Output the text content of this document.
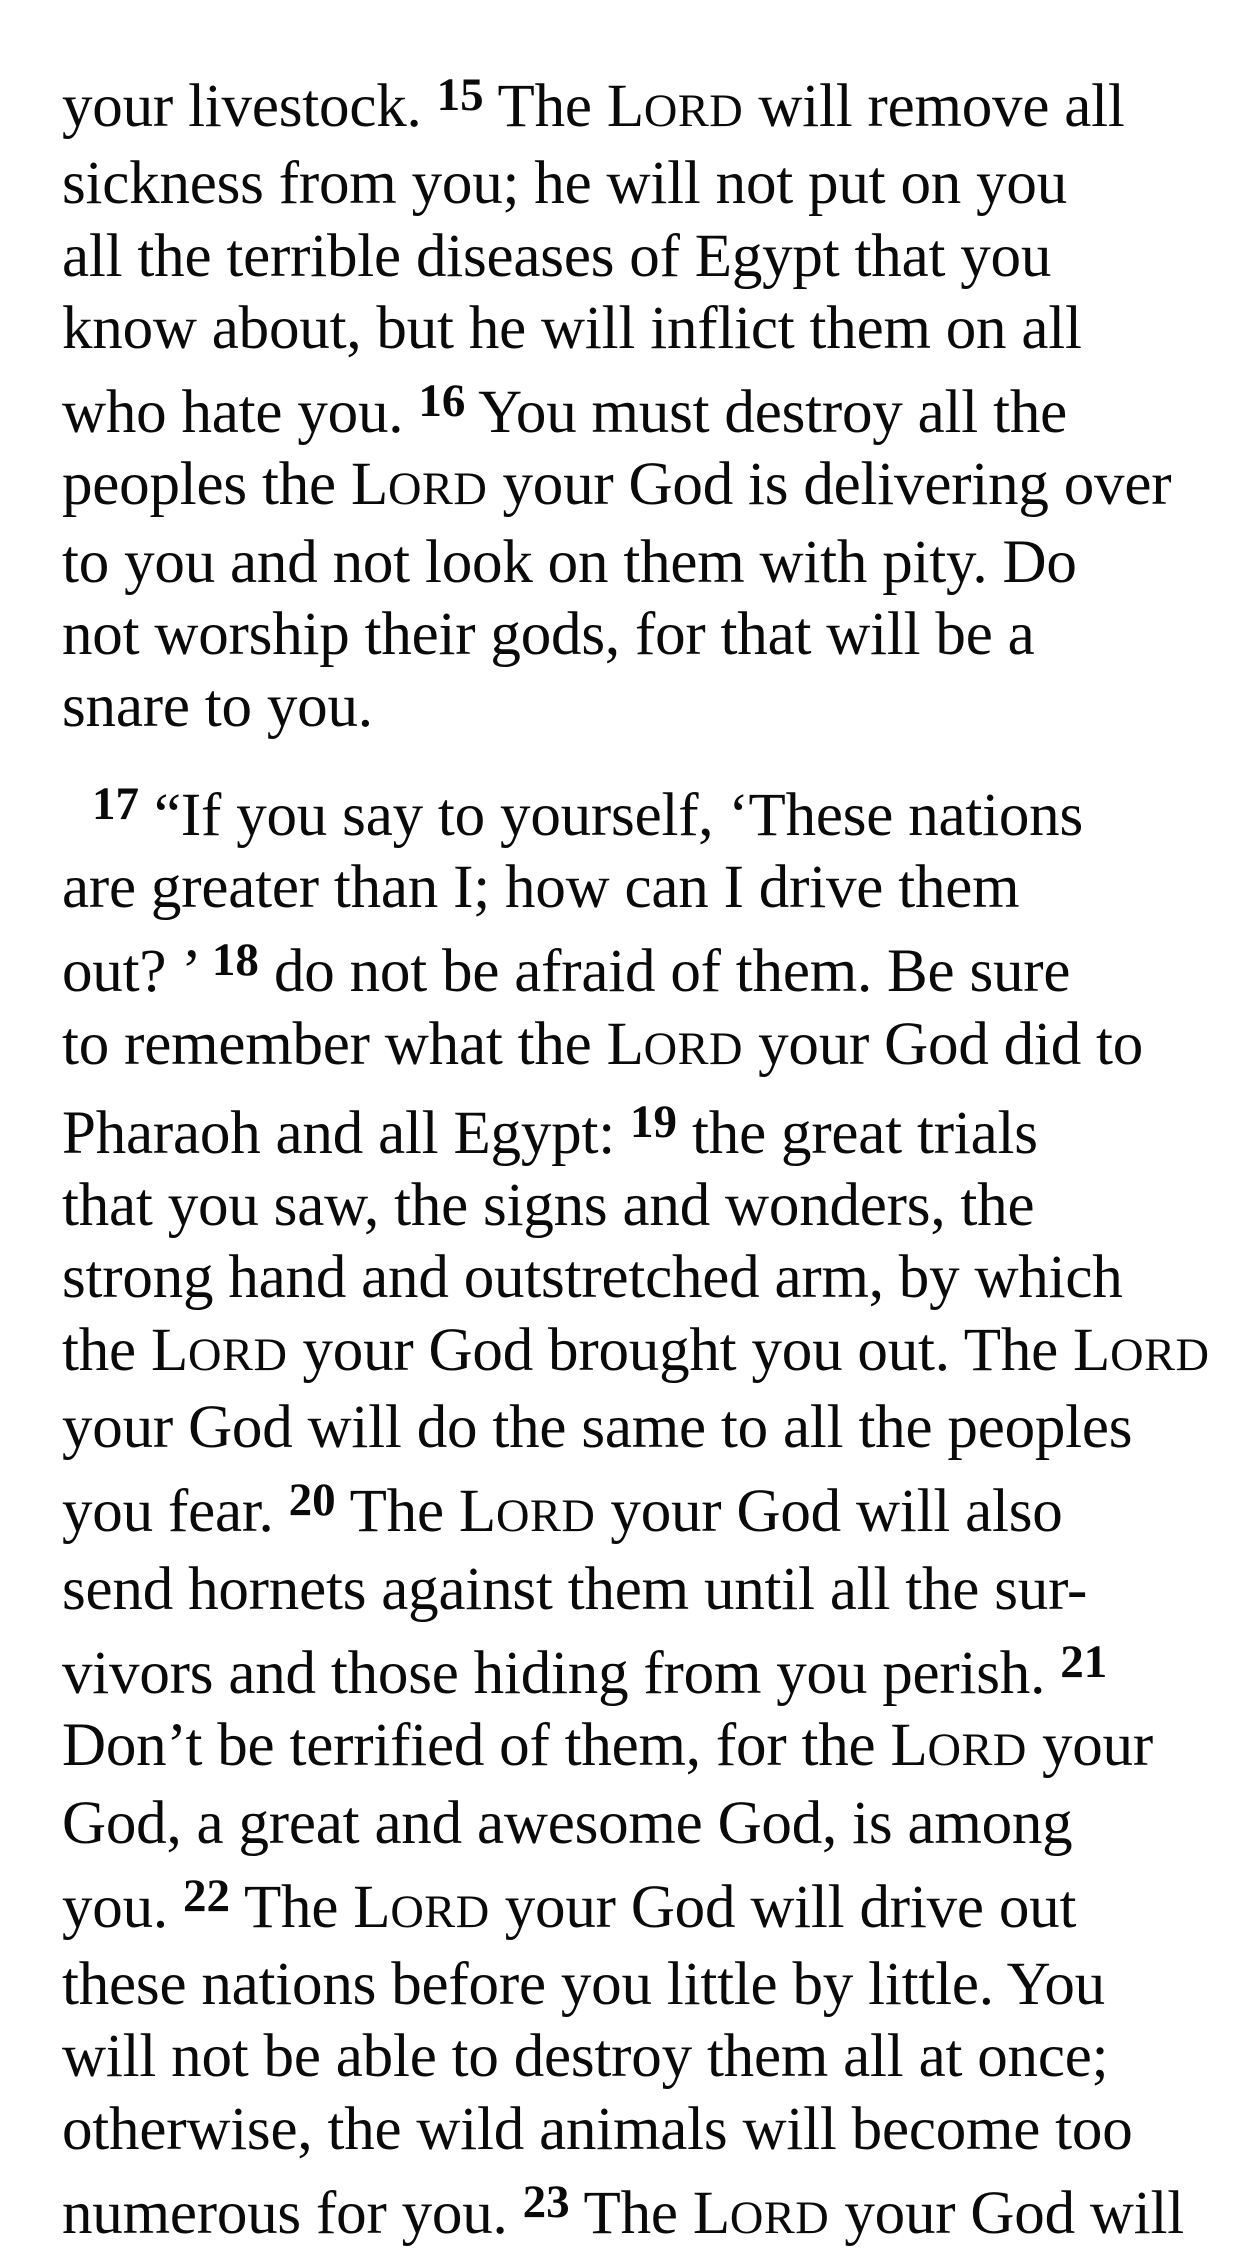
your livestock. $^{15}$ The LORD will remove all
sickness from you; he will not put on you
all the terrible diseases of Egypt that you
know about, but he will inflict them on all
who hate you. $^{16}$ You must destroy all the
peoples the LORD your God is delivering over
to you and not look on them with pity. Do
not worship their gods, for that will be a
snare to you.

$^{17}$ “If you say to yourself, ‘These nations
are greater than I; how can I drive them
out? ’ $^{18}$ do not be afraid of them. Be sure
to remember what the LORD your God did to
Pharaoh and all Egypt: $^{19}$ the great trials
that you saw, the signs and wonders, the
strong hand and outstretched arm, by which
the LORD your God brought you out. The LORD
your God will do the same to all the peoples
you fear. $^{20}$ The LORD your God will also
send hornets against them until all the sur-
vivors and those hiding from you perish. $^{21}$
Don’t be terrified of them, for the LORD your
God, a great and awesome God, is among
you. $^{22}$ The LORD your God will drive out
these nations before you little by little. You
will not be able to destroy them all at once;
otherwise, the wild animals will become too
numerous for you. $^{23}$ The LORD your God will
